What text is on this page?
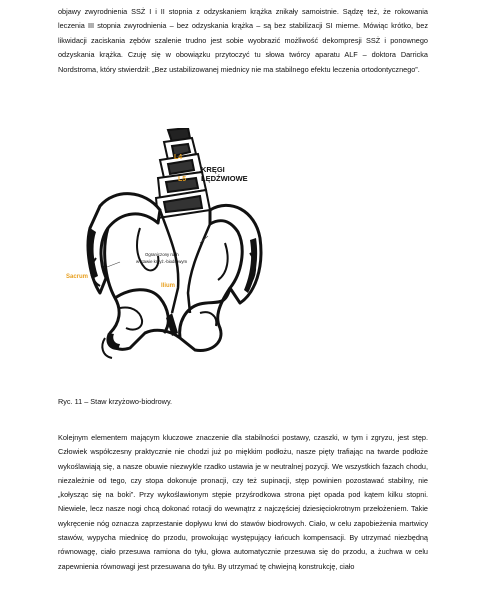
objawy zwyrodnienia SSŻ I i II stopnia z odzyskaniem krążka znikały samoistnie. Sądzę też, że rokowania leczenia III stopnia zwyrodnienia – bez odzyskania krążka – są bez stabilizacji SI mierne. Mówiąc krótko, bez likwidacji zaciskania zębów szalenie trudno jest sobie wyobrazić możliwość dekompresji SSŻ i ponownego odzyskania krążka. Czuję się w obowiązku przytoczyć tu słowa twórcy aparatu ALF – doktora Darricka Nordstroma, który stwierdził: „Bez ustabilizowanej miednicy nie ma stabilnego efektu leczenia ortodontycznego”.

L4
L5
KRĘGI
LĘDŹWIOWE
Ograniczony ruch
w stawie krzyż.-biodrowym
Sacrum
Ilium

Ryc. 11 – Staw krzyżowo-biodrowy.

Kolejnym elementem mającym kluczowe znaczenie dla stabilności postawy, czaszki, w tym i zgryzu, jest stęp. Człowiek współczesny praktycznie nie chodzi już po miękkim podłożu, nasze pięty trafiając na twarde podłoże wykoślawiają się, a nasze obuwie niezwykle rzadko ustawia je w neutralnej pozycji. We wszystkich fazach chodu, niezależnie od tego, czy stopa dokonuje pronacji, czy też supinacji, stęp powinien pozostawać stabilny, nie „kołysząc się na boki”. Przy wykoślawionym stępie przyśrodkowa strona pięt opada pod kątem kilku stopni. Niewiele, lecz nasze nogi chcą dokonać rotacji do wewnątrz z najczęściej dziesięciokrotnym przełożeniem. Takie wykręcenie nóg oznacza zaprzestanie dopływu krwi do stawów biodrowych. Ciało, w celu zapobieżenia martwicy stawów, wypycha miednicę do przodu, prowokując występujący łańcuch kompensacji. By utrzymać niezbędną równowagę, ciało przesuwa ramiona do tyłu, głowa automatycznie przesuwa się do przodu, a żuchwa w celu zapewnienia równowagi jest przesuwana do tyłu. By utrzymać tę chwiejną konstrukcję, ciało
